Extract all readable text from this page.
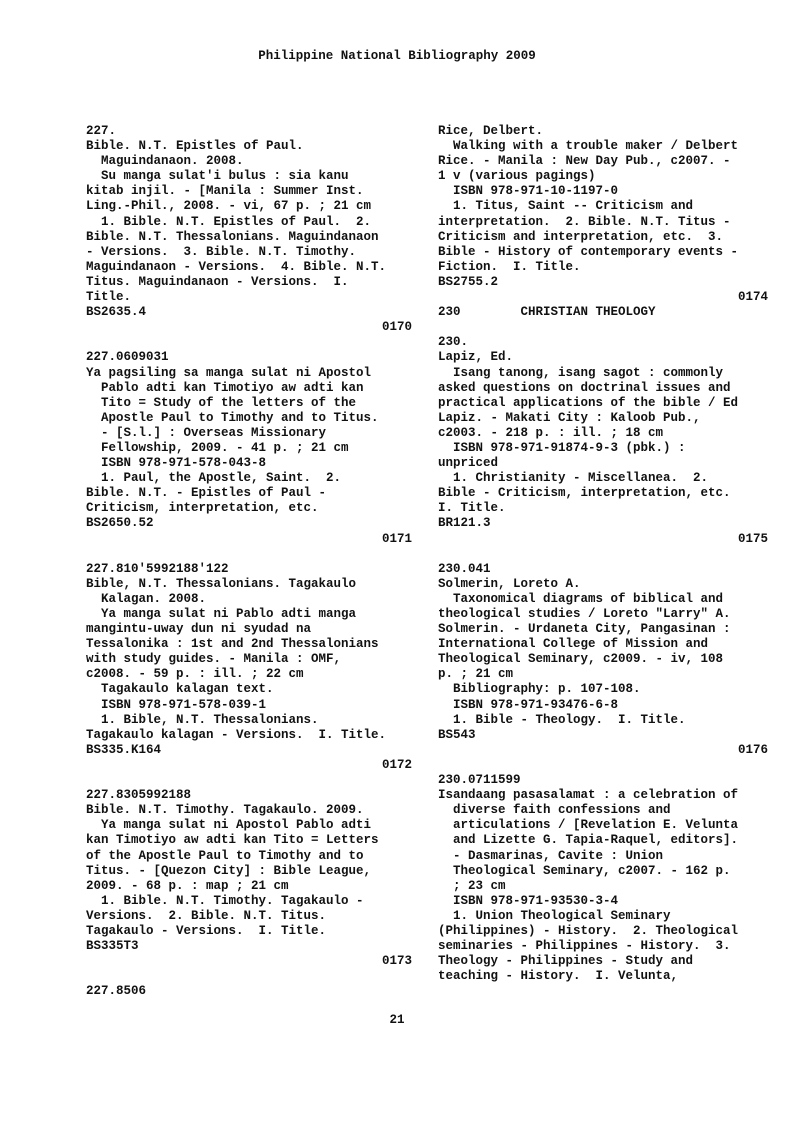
Philippine National Bibliography 2009
227.
Bible. N.T. Epistles of Paul.
Maguindanaon. 2008.
Su manga sulat'i bulus : sia kanu
kitab injil. - [Manila : Summer Inst.
Ling.-Phil., 2008. - vi, 67 p. ; 21 cm
1. Bible. N.T. Epistles of Paul.  2.
Bible. N.T. Thessalonians. Maguindanaon
- Versions.  3. Bible. N.T. Timothy.
Maguindanaon - Versions.  4. Bible. N.T.
Titus. Maguindanaon - Versions.  I.
Title.
BS2635.4
0170
227.0609031
Ya pagsiling sa manga sulat ni Apostol
Pablo adti kan Timotiyo aw adti kan
Tito = Study of the letters of the
Apostle Paul to Timothy and to Titus.
- [S.l.] : Overseas Missionary
Fellowship, 2009. - 41 p. ; 21 cm
ISBN 978-971-578-043-8
1. Paul, the Apostle, Saint.  2.
Bible. N.T. - Epistles of Paul -
Criticism, interpretation, etc.
BS2650.52
0171
227.810'5992188'122
Bible, N.T. Thessalonians. Tagakaulo
Kalagan. 2008.
Ya manga sulat ni Pablo adti manga
mangintu-uway dun ni syudad na
Tessalonika : 1st and 2nd Thessalonians
with study guides. - Manila : OMF,
c2008. - 59 p. : ill. ; 22 cm
Tagakaulo kalagan text.
ISBN 978-971-578-039-1
1. Bible, N.T. Thessalonians.
Tagakaulo kalagan - Versions.  I. Title.
BS335.K164
0172
227.8305992188
Bible. N.T. Timothy. Tagakaulo. 2009.
Ya manga sulat ni Apostol Pablo adti
kan Timotiyo aw adti kan Tito = Letters
of the Apostle Paul to Timothy and to
Titus. - [Quezon City] : Bible League,
2009. - 68 p. : map ; 21 cm
1. Bible. N.T. Timothy. Tagakaulo -
Versions.  2. Bible. N.T. Titus.
Tagakaulo - Versions.  I. Title.
BS335T3
0173
227.8506
Rice, Delbert.
Walking with a trouble maker / Delbert
Rice. - Manila : New Day Pub., c2007. -
1 v (various pagings)
ISBN 978-971-10-1197-0
1. Titus, Saint -- Criticism and
interpretation.  2. Bible. N.T. Titus -
Criticism and interpretation, etc.  3.
Bible - History of contemporary events -
Fiction.  I. Title.
BS2755.2
0174
230        CHRISTIAN THEOLOGY
230.
Lapiz, Ed.
Isang tanong, isang sagot : commonly
asked questions on doctrinal issues and
practical applications of the bible / Ed
Lapiz. - Makati City : Kaloob Pub.,
c2003. - 218 p. : ill. ; 18 cm
ISBN 978-971-91874-9-3 (pbk.) :
unpriced
1. Christianity - Miscellanea.  2.
Bible - Criticism, interpretation, etc.
I. Title.
BR121.3
0175
230.041
Solmerin, Loreto A.
Taxonomical diagrams of biblical and
theological studies / Loreto "Larry" A.
Solmerin. - Urdaneta City, Pangasinan :
International College of Mission and
Theological Seminary, c2009. - iv, 108
p. ; 21 cm
Bibliography: p. 107-108.
ISBN 978-971-93476-6-8
1. Bible - Theology.  I. Title.
BS543
0176
230.0711599
Isandaang pasasalamat : a celebration of
diverse faith confessions and
articulations / [Revelation E. Velunta
and Lizette G. Tapia-Raquel, editors].
- Dasmarinas, Cavite : Union
Theological Seminary, c2007. - 162 p.
; 23 cm
ISBN 978-971-93530-3-4
1. Union Theological Seminary
(Philippines) - History.  2. Theological
seminaries - Philippines - History.  3.
Theology - Philippines - Study and
teaching - History.  I. Velunta,
21
